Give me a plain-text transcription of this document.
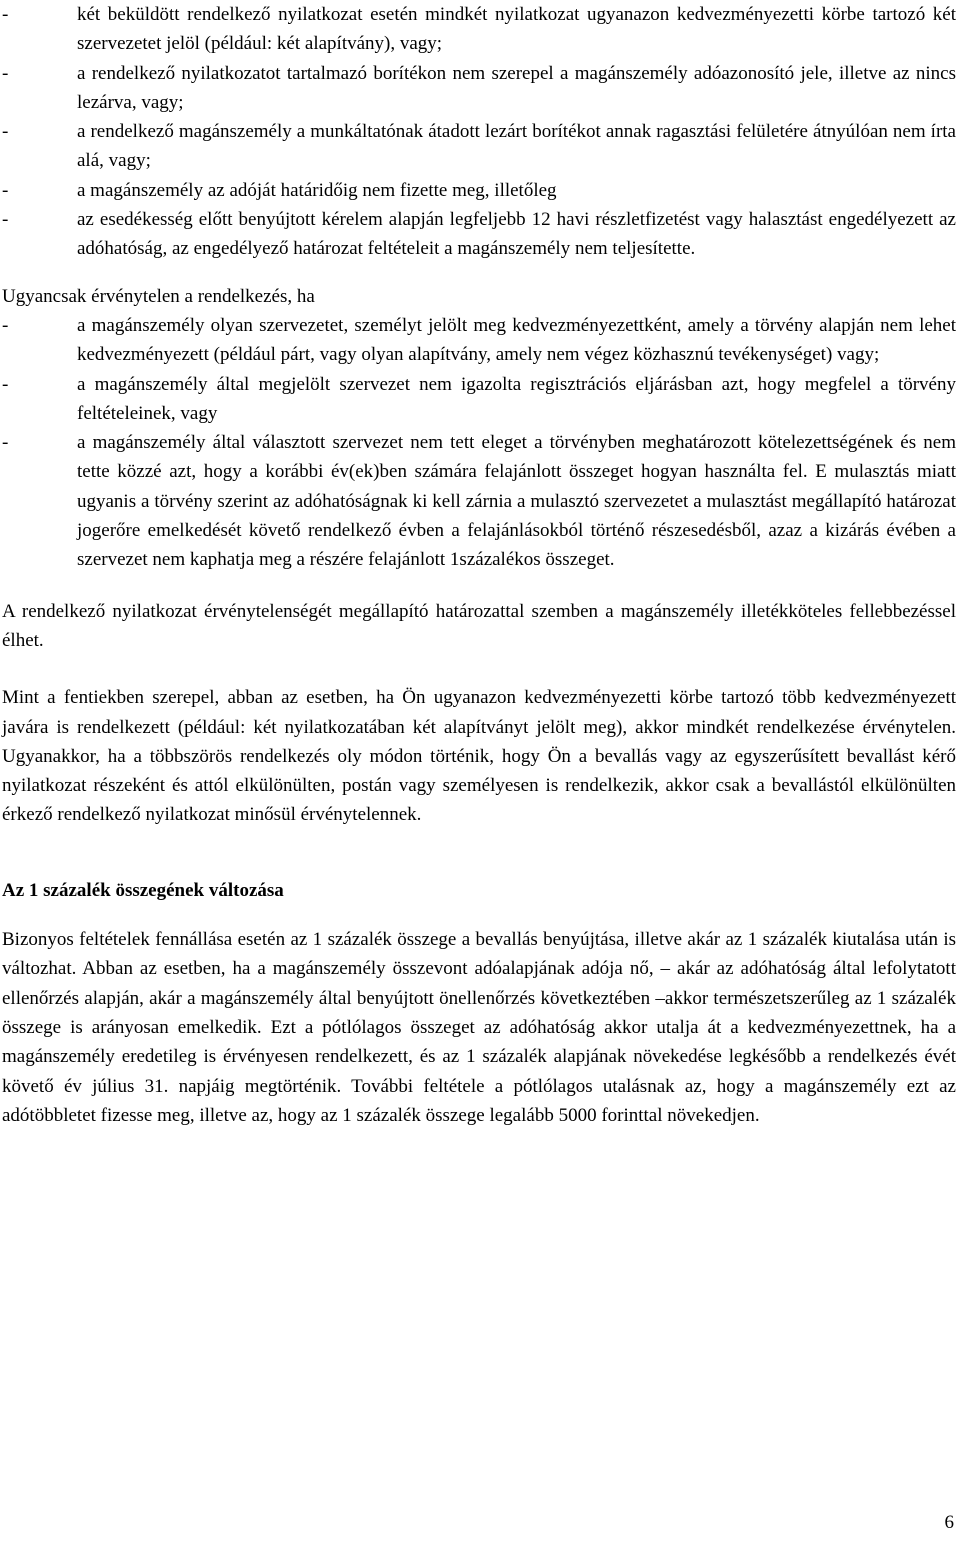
-	két beküldött rendelkező nyilatkozat esetén mindkét nyilatkozat ugyanazon kedvezményezetti körbe tartozó két szervezetet jelöl (például: két alapítvány), vagy;
-	a rendelkező nyilatkozatot tartalmazó borítékon nem szerepel a magánszemély adóazonosító jele, illetve az nincs lezárva, vagy;
-	a rendelkező magánszemély a munkáltatónak átadott lezárt borítékot annak ragasztási felületére átnyúlóan nem írta alá, vagy;
-	a magánszemély az adóját határidőig nem fizette meg, illetőleg
-	az esedékesség előtt benyújtott kérelem alapján legfeljebb 12 havi részletfizetést vagy halasztást engedélyezett az adóhatóság, az engedélyező határozat feltételeit a magánszemély nem teljesítette.

Ugyancsak érvénytelen a rendelkezés, ha

-	a magánszemély olyan szervezetet, személyt jelölt meg kedvezményezettként, amely a törvény alapján nem lehet kedvezményezett (például párt, vagy olyan alapítvány, amely nem végez közhasznú tevékenységet) vagy;
-	a magánszemély által megjelölt szervezet nem igazolta regisztrációs eljárásban azt, hogy megfelel a törvény feltételeinek, vagy
-	a magánszemély által választott szervezet nem tett eleget a törvényben meghatározott kötelezettségének és nem tette közzé azt, hogy a korábbi év(ek)ben számára felajánlott összeget hogyan használta fel. E mulasztás miatt ugyanis a törvény szerint az adóhatóságnak ki kell zárnia a mulasztó szervezetet a mulasztást megállapító határozat jogerőre emelkedését követő rendelkező évben a felajánlásokból történő részesedésből, azaz a kizárás évében a szervezet nem kaphatja meg a részére felajánlott 1százalékos összeget.

A rendelkező nyilatkozat érvénytelenségét megállapító határozattal szemben a magánszemély illetékköteles fellebbezéssel élhet.

Mint a fentiekben szerepel, abban az esetben, ha Ön ugyanazon kedvezményezetti körbe tartozó több kedvezményezett javára is rendelkezett (például: két nyilatkozatában két alapítványt jelölt meg), akkor mindkét rendelkezése érvénytelen. Ugyanakkor, ha a többszörös rendelkezés oly módon történik, hogy Ön a bevallás vagy az egyszerűsített bevallást kérő nyilatkozat részeként és attól elkülönülten, postán vagy személyesen is rendelkezik, akkor csak a bevallástól elkülönülten érkező rendelkező nyilatkozat minősül érvénytelennek.

Az 1 százalék összegének változása

Bizonyos feltételek fennállása esetén az 1 százalék összege a bevallás benyújtása, illetve akár az 1 százalék kiutalása után is változhat. Abban az esetben, ha a magánszemély összevont adóalapjának adója nő, – akár az adóhatóság által lefolytatott ellenőrzés alapján, akár a magánszemély által benyújtott önellenőrzés következtében –akkor természetszerűleg az 1 százalék összege is arányosan emelkedik. Ezt a pótlólagos összeget az adóhatóság akkor utalja át a kedvezményezettnek, ha a magánszemély eredetileg is érvényesen rendelkezett, és az 1 százalék alapjának növekedése legkésőbb a rendelkezés évét követő év július 31. napjáig megtörténik. További feltétele a pótlólagos utalásnak az, hogy a magánszemély ezt az adótöbbletet fizesse meg, illetve az, hogy az 1 százalék összege legalább 5000 forinttal növekedjen.

6
